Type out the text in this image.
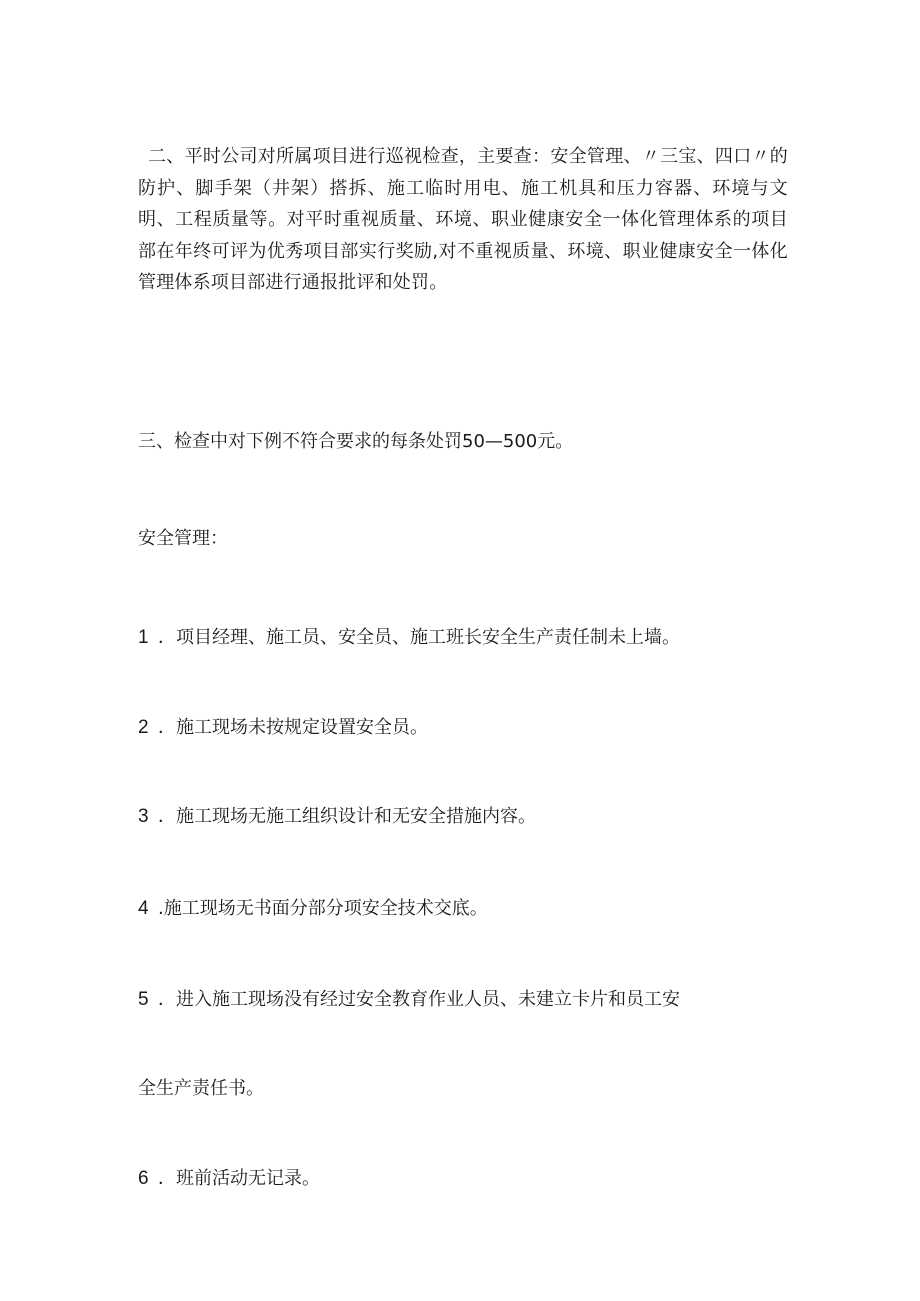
二、平时公司对所属项目进行巡视检查，主要查：安全管理、〃三宝、四口〃的防护、脚手架（井架）搭拆、施工临时用电、施工机具和压力容器、环境与文明、工程质量等。对平时重视质量、环境、职业健康安全一体化管理体系的项目部在年终可评为优秀项目部实行奖励,对不重视质量、环境、职业健康安全一体化管理体系项目部进行通报批评和处罚。

三、检查中对下例不符合要求的每条处罚50—500元。

安全管理：

1 ．项目经理、施工员、安全员、施工班长安全生产责任制未上墙。

2 ．施工现场未按规定设置安全员。

3 ．施工现场无施工组织设计和无安全措施内容。

4 .施工现场无书面分部分项安全技术交底。

5 ．进入施工现场没有经过安全教育作业人员、未建立卡片和员工安

全生产责任书。

6 ．班前活动无记录。
